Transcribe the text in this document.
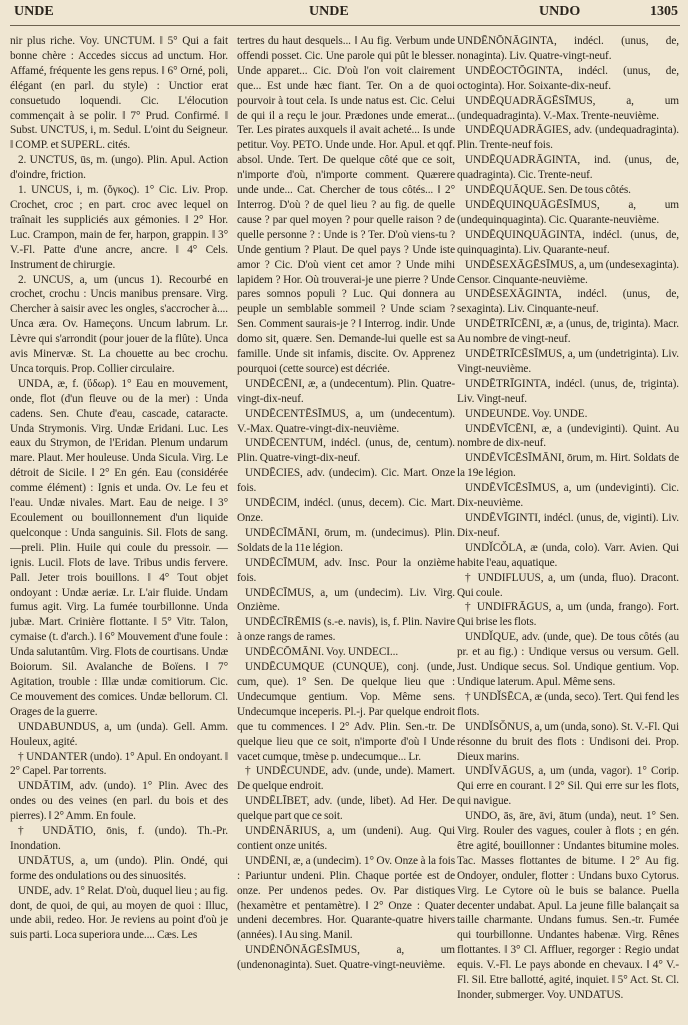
UNDE	UNDE	UNDO	1305
nir plus riche. Voy. UNCTUM. ‖ 5° Qui a fait bonne chère : Accedes siccus ad unctum. Hor. Affamé, fréquente les gens repus. ‖ 6° Orné, poli, élégant (en parl. du style) : Unctior erat consuetudo loquendi. Cic. L'élocution commençait à se polir. ‖ 7° Prud. Confirmé. ‖ Subst. UNCTUS, i, m. Sedul. L'oint du Seigneur. ‖ COMP. et SUPERL. cités.
2. UNCTUS, ūs, m. (ungo). Plin. Apul. Action d'oindre, friction.
1. UNCUS, i, m. (ὄγκος). 1° Cic. Liv. Prop. Crochet, croc ; en part. croc avec lequel on traînait les suppliciés aux gémonies. ‖ 2° Hor. Luc. Crampon, main de fer, harpon, grappin. ‖ 3° V.-Fl. Patte d'une ancre, ancre. ‖ 4° Cels. Instrument de chirurgie.
2. UNCUS, a, um (uncus 1). Recourbé en crochet, crochu : Uncis manibus prensare. Virg. Chercher à saisir avec les ongles, s'accrocher à.... Unca æra. Ov. Hameçons. Uncum labrum. Lr. Lèvre qui s'arrondit (pour jouer de la flûte). Unca avis Minervæ. St. La chouette au bec crochu. Unca torquis. Prop. Collier circulaire.
UNDA, æ, f. (ὕδωρ). 1° Eau en mouvement, onde, flot (d'un fleuve ou de la mer) : Unda cadens. Sen. Chute d'eau, cascade, cataracte. Unda Strymonis. Virg. Undæ Eridani. Luc. Les eaux du Strymon, de l'Eridan. Plenum undarum mare. Plaut. Mer houleuse. Unda Sicula. Virg. Le détroit de Sicile. ‖ 2° En gén. Eau (considérée comme élément) : Ignis et unda. Ov. Le feu et l'eau. Undæ nivales. Mart. Eau de neige. ‖ 3° Ecoulement ou bouillonnement d'un liquide quelconque : Unda sanguinis. Sil. Flots de sang. —preli. Plin. Huile qui coule du pressoir. — ignis. Lucil. Flots de lave. Tribus undis fervere. Pall. Jeter trois bouillons. ‖ 4° Tout objet ondoyant : Undæ aeriæ. Lr. L'air fluide. Undam fumus agit. Virg. La fumée tourbillonne. Unda jubæ. Mart. Crinière flottante. ‖ 5° Vitr. Talon, cymaise (t. d'arch.). ‖ 6° Mouvement d'une foule : Unda salutantûm. Virg. Flots de courtisans. Undæ Boiorum. Sil. Avalanche de Boïens. ‖ 7° Agitation, trouble : Illæ undæ comitiorum. Cic. Ce mouvement des comices. Undæ bellorum. Cl. Orages de la guerre.
UNDABUNDUS, a, um (unda). Gell. Amm. Houleux, agité.
† UNDANTER (undo). 1° Apul. En ondoyant. ‖ 2° Capel. Par torrents.
UNDĀTIM, adv. (undo). 1° Plin. Avec des ondes ou des veines (en parl. du bois et des pierres). ‖ 2° Amm. En foule.
† UNDĀTIO, ōnis, f. (undo). Th.-Pr. Inondation.
UNDĀTUS, a, um (undo). Plin. Ondé, qui forme des ondulations ou des sinuosités.
UNDE, adv. 1° Relat. D'où, duquel lieu ; au fig. dont, de quoi, de qui, au moyen de quoi : Illuc, unde abii, redeo. Hor. Je reviens au point d'où je suis parti. Loca superiora unde.... Cæs. Les
tertres du haut desquels... ‖ Au fig. Verbum unde offendi posset. Cic. Une parole qui pût le blesser. Unde apparet... Cic. D'où l'on voit clairement que... Est unde hæc fiant. Ter. On a de quoi pourvoir à tout cela. Is unde natus est. Cic. Celui de qui il a reçu le jour. Prædones unde emerat... Ter. Les pirates auxquels il avait acheté... Is unde petitur. Voy. PETO. Unde unde. Hor. Apul. et qqf. absol. Unde. Tert. De quelque côté que ce soit, n'importe d'où, n'importe comment. Quærere unde unde... Cat. Chercher de tous côtés... ‖ 2° Interrog. D'où ? de quel lieu ? au fig. de quelle cause ? par quel moyen ? pour quelle raison ? de quelle personne ? : Unde is ? Ter. D'où viens-tu ? Unde gentium ? Plaut. De quel pays ? Unde iste amor ? Cic. D'où vient cet amor ? Unde mihi lapidem ? Hor. Où trouverai-je une pierre ? Unde pares somnos populi ? Luc. Qui donnera au peuple un semblable sommeil ? Unde sciam ? Sen. Comment saurais-je ? ‖ Interrog. indir. Unde domo sit, quære. Sen. Demande-lui quelle est sa famille. Unde sit infamis, discite. Ov. Apprenez pourquoi (cette source) est décriée.
UNDĒCĒNI, æ, a (undecentum). Plin. Quatre-vingt-dix-neuf.
UNDĒCENTĒSĪMUS, a, um (undecentum). V.-Max. Quatre-vingt-dix-neuvième.
UNDĒCENTUM, indécl. (unus, de, centum). Plin. Quatre-vingt-dix-neuf.
UNDĒCIES, adv. (undecim). Cic. Mart. Onze fois.
UNDĒCIM, indécl. (unus, decem). Cic. Mart. Onze.
UNDĒCĪMĀNI, ōrum, m. (undecimus). Plin. Soldats de la 11e légion.
UNDĒCĪMUM, adv. Insc. Pour la onzième fois.
UNDĒCĪMUS, a, um (undecim). Liv. Virg. Onzième.
UNDĒCĪRĒMIS (s.-e. navis), is, f. Plin. Navire à onze rangs de rames.
UNDĒCŌMĀNI. Voy. UNDECI...
UNDĒCUMQUE (CUNQUE), conj. (unde, cum, que). 1° Sen. De quelque lieu que : Undecumque gentium. Vop. Même sens. Undecumque inceperis. Pl.-j. Par quelque endroit que tu commences. ‖ 2° Adv. Plin. Sen.-tr. De quelque lieu que ce soit, n'importe d'où ‖ Unde vacet cumque, tmèse p. undecumque... Lr.
† UNDĒCUNDE, adv. (unde, unde). Mamert. De quelque endroit.
UNDĒLĪBET, adv. (unde, libet). Ad Her. De quelque part que ce soit.
UNDĒNĀRIUS, a, um (undeni). Aug. Qui contient onze unités.
UNDĒNI, æ, a (undecim). 1° Ov. Onze à la fois : Pariuntur undeni. Plin. Chaque portée est de onze. Per undenos pedes. Ov. Par distiques (hexamètre et pentamètre). ‖ 2° Onze : Quater undeni decembres. Hor. Quarante-quatre hivers (années). ‖ Au sing. Manil.
UNDĒNŌNĀGĒSĪMUS, a, um (undenonaginta). Suet. Quatre-vingt-neuvième.
UNDĒNŌNĀGINTA, indécl. (unus, de, nonaginta). Liv. Quatre-vingt-neuf.
UNDĒOCTŌGINTA, indécl. (unus, de, octoginta). Hor. Soixante-dix-neuf.
UNDĒQUADRĀGĒSĪMUS, a, um (undequadraginta). V.-Max. Trente-neuvième.
UNDĒQUADRĀGIES, adv. (undequadraginta). Plin. Trente-neuf fois.
UNDĒQUADRĀGINTA, ind. (unus, de, quadraginta). Cic. Trente-neuf.
UNDĒQUĀQUE. Sen. De tous côtés.
UNDĒQUINQUĀGĒSĪMUS, a, um (undequinquaginta). Cic. Quarante-neuvième.
UNDĒQUINQUĀGINTA, indécl. (unus, de, quinquaginta). Liv. Quarante-neuf.
UNDĒSEXĀGĒSĪMUS, a, um (undesexaginta). Censor. Cinquante-neuvième.
UNDĒSEXĀGINTA, indécl. (unus, de, sexaginta). Liv. Cinquante-neuf.
UNDĒTRĪCĒNI, æ, a (unus, de, triginta). Macr. Au nombre de vingt-neuf.
UNDĒTRĪCĒSĪMUS, a, um (undetriginta). Liv. Vingt-neuvième.
UNDĒTRĪGINTA, indécl. (unus, de, triginta). Liv. Vingt-neuf.
UNDEUNDE. Voy. UNDE.
UNDĒVĪCĒNI, æ, a (undeviginti). Quint. Au nombre de dix-neuf.
UNDĒVĪCĒSĪMĀNI, ōrum, m. Hirt. Soldats de la 19e légion.
UNDĒVĪCĒSĪMUS, a, um (undeviginti). Cic. Dix-neuvième.
UNDĒVĪGINTI, indécl. (unus, de, viginti). Liv. Dix-neuf.
UNDĬCŎLA, æ (unda, colo). Varr. Avien. Qui habite l'eau, aquatique.
† UNDIFLUUS, a, um (unda, fluo). Dracont. Qui coule.
† UNDIFRĀGUS, a, um (unda, frango). Fort. Qui brise les flots.
UNDĬQUE, adv. (unde, que). De tous côtés (au pr. et au fig.) : Undique versus ou versum. Gell. Just. Undique secus. Sol. Undique gentium. Vop. Undique laterum. Apul. Même sens.
† UNDĬSĒCA, æ (unda, seco). Tert. Qui fend les flots.
UNDĬSŎNUS, a, um (unda, sono). St. V.-Fl. Qui résonne du bruit des flots : Undisoni dei. Prop. Dieux marins.
UNDĬVĀGUS, a, um (unda, vagor). 1° Corip. Qui erre en courant. ‖ 2° Sil. Qui erre sur les flots, qui navigue.
UNDO, ās, āre, āvi, ātum (unda), neut. 1° Sen. Virg. Rouler des vagues, couler à flots ; en gén. être agité, bouillonner : Undantes bitumine moles. Tac. Masses flottantes de bitume. ‖ 2° Au fig. Ondoyer, onduler, flotter : Undans buxo Cytorus. Virg. Le Cytore où le buis se balance. Puella decenter undabat. Apul. La jeune fille balançait sa taille charmante. Undans fumus. Sen.-tr. Fumée qui tourbillonne. Undantes habenæ. Virg. Rênes flottantes. ‖ 3° Cl. Affluer, regorger : Regio undat equis. V.-Fl. Le pays abonde en chevaux. ‖ 4° V.-Fl. Sil. Etre ballotté, agité, inquiet. ‖ 5° Act. St. Cl. Inonder, submerger. Voy. UNDATUS.
